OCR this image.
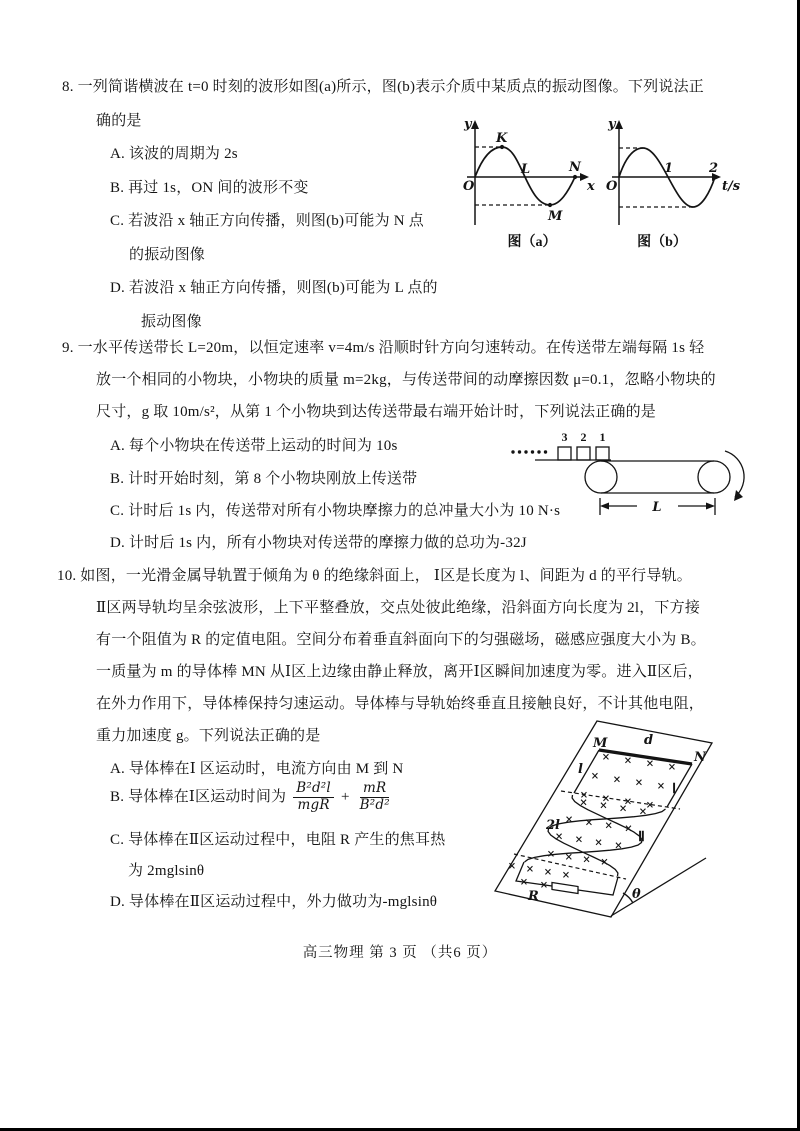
8. 一列简谐横波在 t=0 时刻的波形如图(a)所示，图(b)表示介质中某质点的振动图像。下列说法正
确的是
A. 该波的周期为 2s
B. 再过 1s，ON 间的波形不变
C. 若波沿 x 轴正方向传播，则图(b)可能为 N 点
的振动图像
D. 若波沿 x 轴正方向传播，则图(b)可能为 L 点的
振动图像
y
x
O
K
L	N
M
图（a）
y
t/s
O
1	2
图（b）
9. 一水平传送带长 L=20m，以恒定速率 v=4m/s 沿顺时针方向匀速转动。在传送带左端每隔 1s 轻
放一个相同的小物块，小物块的质量 m=2kg，与传送带间的动摩擦因数 μ=0.1，忽略小物块的
尺寸，g 取 10m/s²，从第 1 个小物块到达传送带最右端开始计时，下列说法正确的是
A. 每个小物块在传送带上运动的时间为 10s
B. 计时开始时刻，第 8 个小物块刚放上传送带
C. 计时后 1s 内，传送带对所有小物块摩擦力的总冲量大小为 10 N·s
D. 计时后 1s 内，所有小物块对传送带的摩擦力做的总功为-32J
3 2 1
L
10. 如图，一光滑金属导轨置于倾角为 θ 的绝缘斜面上， Ⅰ区是长度为 l、间距为 d 的平行导轨。
Ⅱ区两导轨均呈余弦波形，上下平整叠放，交点处彼此绝缘，沿斜面方向长度为 2l，下方接
有一个阻值为 R 的定值电阻。空间分布着垂直斜面向下的匀强磁场，磁感应强度大小为 B。
一质量为 m 的导体棒 MN 从Ⅰ区上边缘由静止释放，离开Ⅰ区瞬间加速度为零。进入Ⅱ区后，
在外力作用下，导体棒保持匀速运动。导体棒与导轨始终垂直且接触良好，不计其他电阻，
重力加速度 g。下列说法正确的是
A. 导体棒在Ⅰ 区运动时，电流方向由 M 到 N
B. 导体棒在Ⅰ区运动时间为 $\frac{\text{B²d²l}}{\text{mgR}} + \frac{mR}{\text{B²d²}}$
C. 导体棒在Ⅱ区运动过程中，电阻 R 产生的焦耳热
为 2mglsinθ
D. 导体棒在Ⅱ区运动过程中，外力做功为-mglsinθ
M	d
N
l
Ⅰ
2l
Ⅱ
R	θ
× × × ×
× × × ×
× × × ×
× × × ×
× × × ×
× × × ×
× × × ×
× × × ×
× ×
高三物理 第 3 页 （共6 页）
